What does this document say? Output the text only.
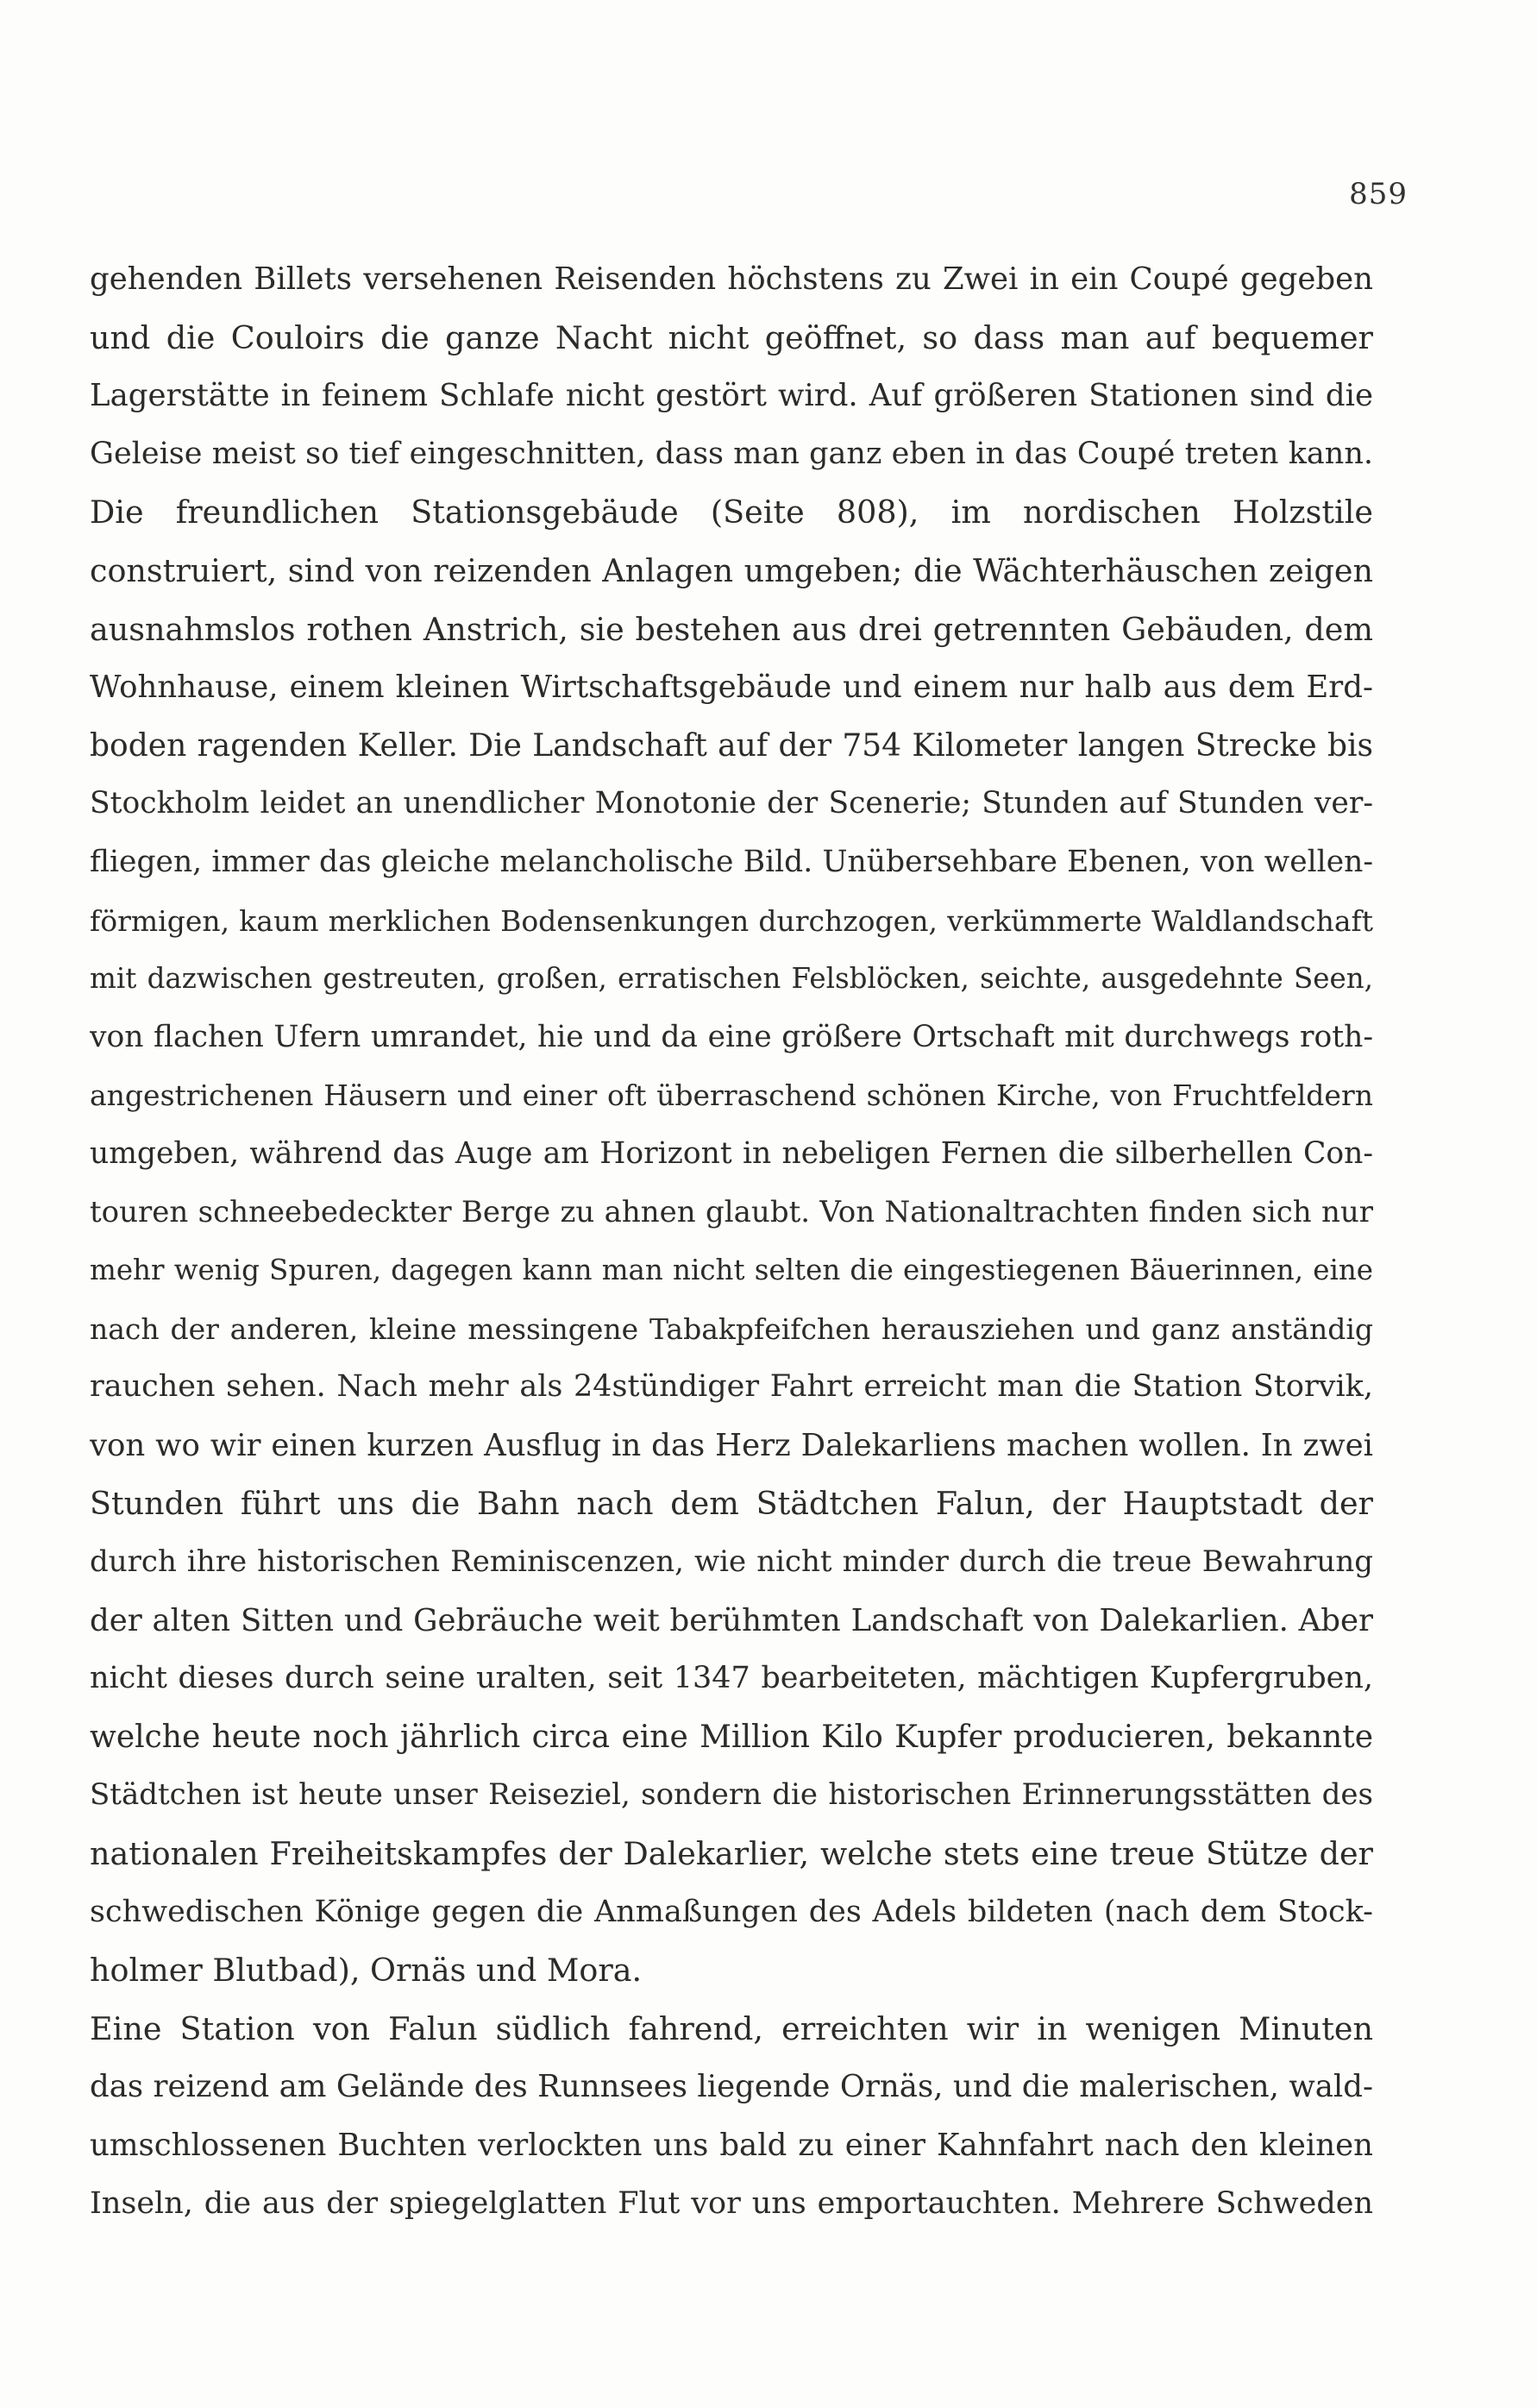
859
gehenden Billets versehenen Reisenden höchstens zu Zwei in ein Coupé gegeben
und die Couloirs die ganze Nacht nicht geöffnet, so dass man auf bequemer
Lagerstätte in feinem Schlafe nicht gestört wird. Auf größeren Stationen sind die
Geleise meist so tief eingeschnitten, dass man ganz eben in das Coupé treten kann.
Die freundlichen Stationsgebäude (Seite 808), im nordischen Holzstile
construiert, sind von reizenden Anlagen umgeben; die Wächterhäuschen zeigen
ausnahmslos rothen Anstrich, sie bestehen aus drei getrennten Gebäuden, dem
Wohnhause, einem kleinen Wirtschaftsgebäude und einem nur halb aus dem Erd-
boden ragenden Keller. Die Landschaft auf der 754 Kilometer langen Strecke bis
Stockholm leidet an unendlicher Monotonie der Scenerie; Stunden auf Stunden ver-
fliegen, immer das gleiche melancholische Bild. Unübersehbare Ebenen, von wellen-
förmigen, kaum merklichen Bodensenkungen durchzogen, verkümmerte Waldlandschaft
mit dazwischen gestreuten, großen, erratischen Felsblöcken, seichte, ausgedehnte Seen,
von flachen Ufern umrandet, hie und da eine größere Ortschaft mit durchwegs roth-
angestrichenen Häusern und einer oft überraschend schönen Kirche, von Fruchtfeldern
umgeben, während das Auge am Horizont in nebeligen Fernen die silberhellen Con-
touren schneebedeckter Berge zu ahnen glaubt. Von Nationaltrachten finden sich nur
mehr wenig Spuren, dagegen kann man nicht selten die eingestiegenen Bäuerinnen, eine
nach der anderen, kleine messingene Tabakpfeifchen herausziehen und ganz anständig
rauchen sehen. Nach mehr als 24stündiger Fahrt erreicht man die Station Storvik,
von wo wir einen kurzen Ausflug in das Herz Dalekarliens machen wollen. In zwei
Stunden führt uns die Bahn nach dem Städtchen Falun, der Hauptstadt der
durch ihre historischen Reminiscenzen, wie nicht minder durch die treue Bewahrung
der alten Sitten und Gebräuche weit berühmten Landschaft von Dalekarlien. Aber
nicht dieses durch seine uralten, seit 1347 bearbeiteten, mächtigen Kupfergruben,
welche heute noch jährlich circa eine Million Kilo Kupfer producieren, bekannte
Städtchen ist heute unser Reiseziel, sondern die historischen Erinnerungsstätten des
nationalen Freiheitskampfes der Dalekarlier, welche stets eine treue Stütze der
schwedischen Könige gegen die Anmaßungen des Adels bildeten (nach dem Stock-
holmer Blutbad), Ornäs und Mora.
Eine Station von Falun südlich fahrend, erreichten wir in wenigen Minuten
das reizend am Gelände des Runnsees liegende Ornäs, und die malerischen, wald-
umschlossenen Buchten verlockten uns bald zu einer Kahnfahrt nach den kleinen
Inseln, die aus der spiegelglatten Flut vor uns emportauchten. Mehrere Schweden
